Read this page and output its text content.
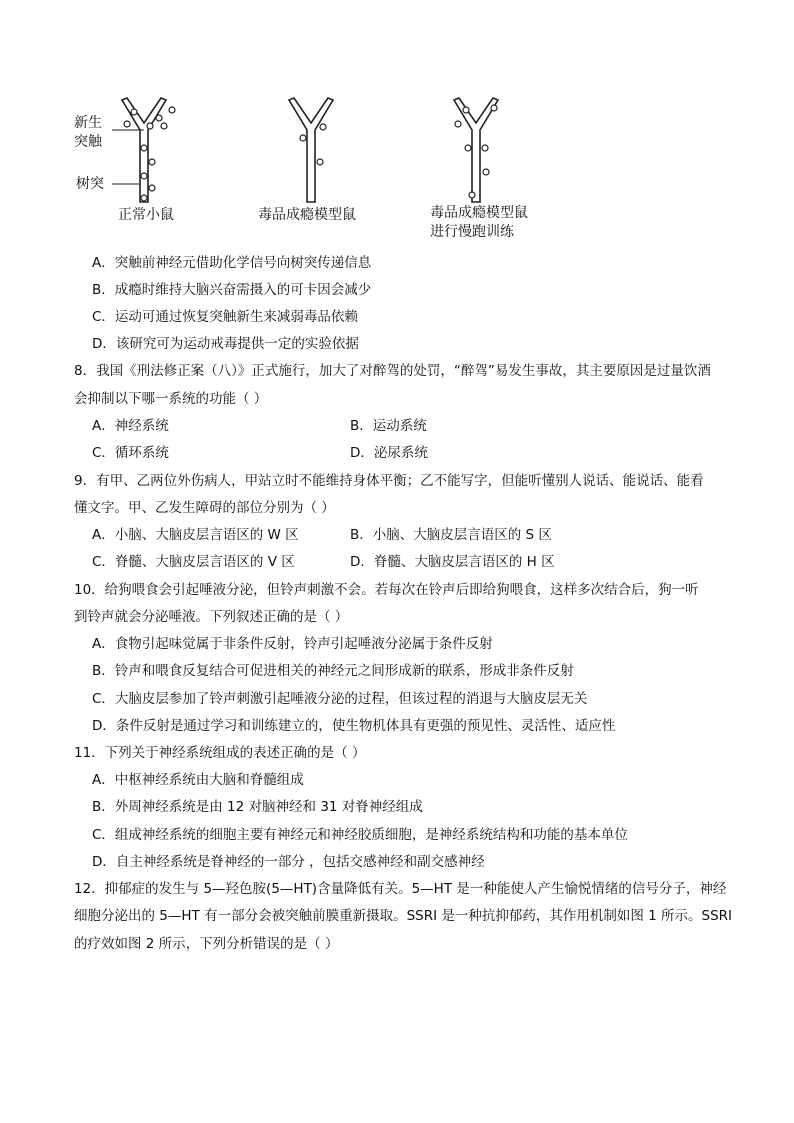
新生
突触
树突
正常小鼠	毒品成瘾模型鼠	毒品成瘾模型鼠
进行慢跑训练
A．突触前神经元借助化学信号向树突传递信息
B．成瘾时维持大脑兴奋需摄入的可卡因会减少
C．运动可通过恢复突触新生来减弱毒品依赖
D．该研究可为运动戒毒提供一定的实验依据
8．我国《刑法修正案（八）》正式施行，加大了对醉驾的处罚，“醉驾”易发生事故，其主要原因是过量饮酒
会抑制以下哪一系统的功能（ ）
A．神经系统	B．运动系统
C．循环系统	D．泌尿系统
9．有甲、乙两位外伤病人，甲站立时不能维持身体平衡；乙不能写字，但能听懂别人说话、能说话、能看
懂文字。甲、乙发生障碍的部位分别为（ ）
A．小脑、大脑皮层言语区的 W 区	B．小脑、大脑皮层言语区的 S 区
C．脊髓、大脑皮层言语区的 V 区	D．脊髓、大脑皮层言语区的 H 区
10．给狗喂食会引起唾液分泌，但铃声刺激不会。若每次在铃声后即给狗喂食，这样多次结合后，狗一听
到铃声就会分泌唾液。下列叙述正确的是（ ）
A．食物引起味觉属于非条件反射，铃声引起唾液分泌属于条件反射
B．铃声和喂食反复结合可促进相关的神经元之间形成新的联系，形成非条件反射
C．大脑皮层参加了铃声刺激引起唾液分泌的过程，但该过程的消退与大脑皮层无关
D．条件反射是通过学习和训练建立的，使生物机体具有更强的预见性、灵活性、适应性
11．下列关于神经系统组成的表述正确的是（ ）
A．中枢神经系统由大脑和脊髓组成
B．外周神经系统是由 12 对脑神经和 31 对脊神经组成
C．组成神经系统的细胞主要有神经元和神经胶质细胞，是神经系统结构和功能的基本单位
D．自主神经系统是脊神经的一部分 ，包括交感神经和副交感神经
12．抑郁症的发生与 5—羟色胺(5—HT)含量降低有关。5—HT 是一种能使人产生愉悦情绪的信号分子，神经
细胞分泌出的 5—HT 有一部分会被突触前膜重新摄取。SSRI 是一种抗抑郁药，其作用机制如图 1 所示。SSRI
的疗效如图 2 所示，下列分析错误的是（ ）
